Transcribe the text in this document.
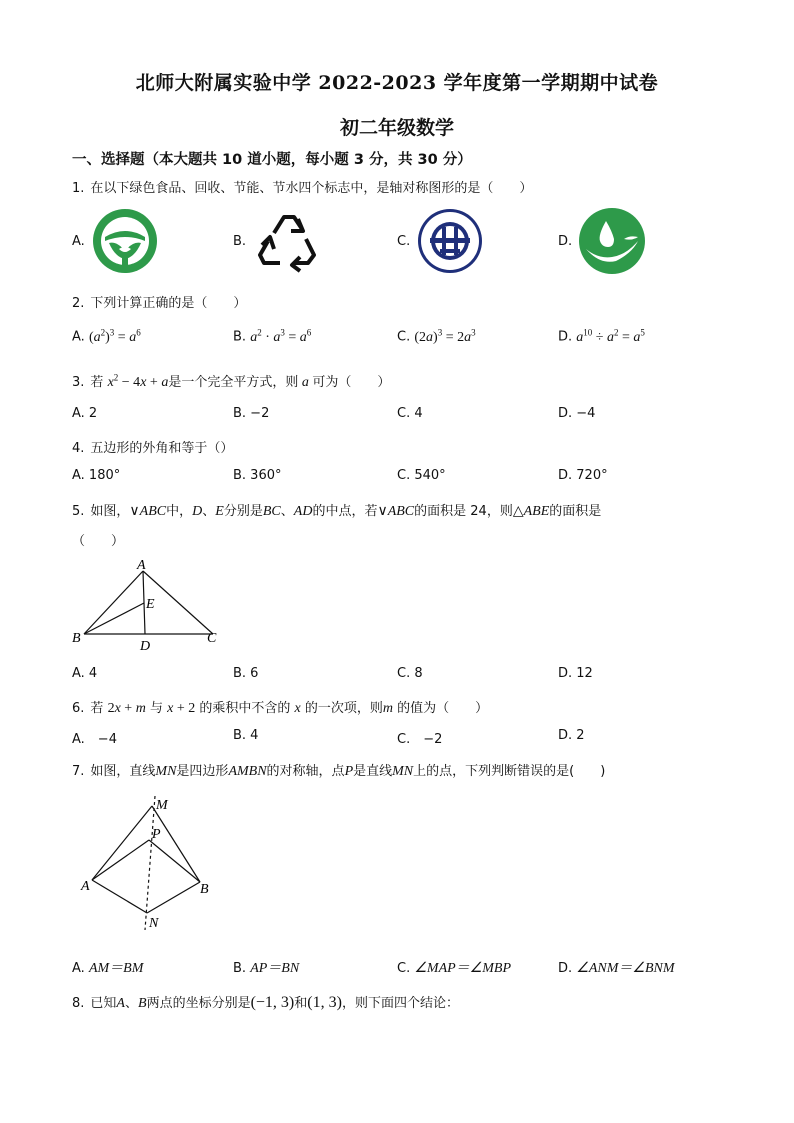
北师大附属实验中学 2022-2023 学年度第一学期期中试卷
初二年级数学
一、选择题（本大题共 10 道小题，每小题 3 分，共 30 分）
1. 在以下绿色食品、回收、节能、节水四个标志中，是轴对称图形的是（　　）
A.	B.	C.	D.
2. 下列计算正确的是（　　）
A. $(a^2)^3 = a^6$	B. $a^2 \cdot a^3 = a^6$	C. $(2a)^3 = 2a^3$	D. $a^{10} \div a^2 = a^5$
3. 若 $x^2 - 4x + a$是一个完全平方式，则 a 可为（　　）
A. 2	B. −2	C. 4	D. −4
4. 五边形的外角和等于（）
A. 180°	B. 360°	C. 540°	D. 720°
5. 如图，∨ABC中，D、E分别是BC、AD的中点，若∨ABC的面积是 24，则△ABE的面积是
（　　）
A
B	C
D
E
A. 4	B. 6	C. 8	D. 12
6. 若 2x + m 与 x + 2 的乘积中不含的 x 的一次项，则m 的值为（　　）
A.　−4	B. 4	C.　−2	D. 2
7. 如图，直线MN是四边形AMBN的对称轴，点P是直线MN上的点，下列判断错误的是(　　)
M
P
A	B
N
A. AM＝BM	B. AP＝BN	C. ∠MAP＝∠MBP	D. ∠ANM＝∠BNM
8. 已知A、B两点的坐标分别是(−1, 3)和(1, 3)，则下面四个结论：
